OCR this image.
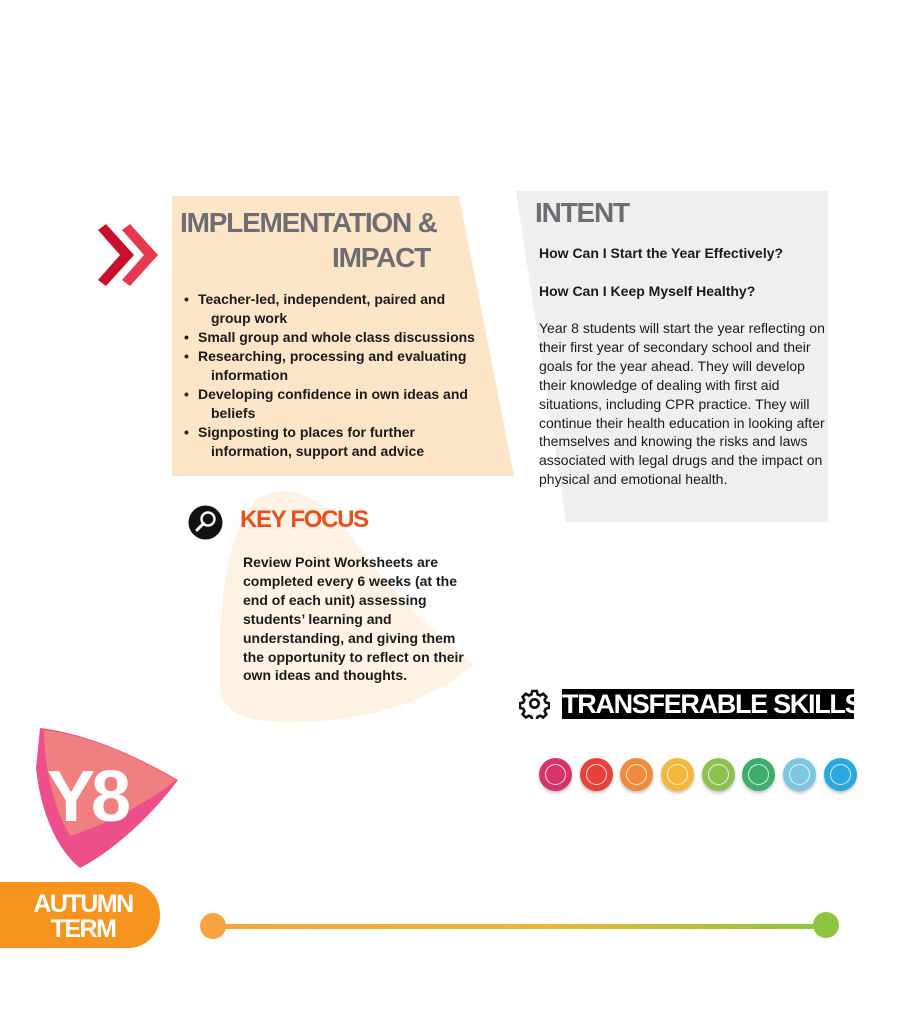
IMPLEMENTATION &
IMPACT
• Teacher-led, independent, paired and
group work
• Small group and whole class discussions
• Researching, processing and evaluating
information
• Developing confidence in own ideas and
beliefs
• Signposting to places for further
information, support and advice
INTENT
How Can I Start the Year Effectively?
How Can I Keep Myself Healthy?
Year 8 students will start the year reflecting on their first year of secondary school and their goals for the year ahead. They will develop their knowledge of dealing with first aid situations, including CPR practice. They will continue their health education in looking after themselves and knowing the risks and laws associated with legal drugs and the impact on physical and emotional health.
KEY FOCUS
Review Point Worksheets are completed every 6 weeks (at the end of each unit) assessing students’ learning and understanding, and giving them the opportunity to reflect on their own ideas and thoughts.
TRANSFERABLE SKILLS:
Y8
AUTUMN
TERM
